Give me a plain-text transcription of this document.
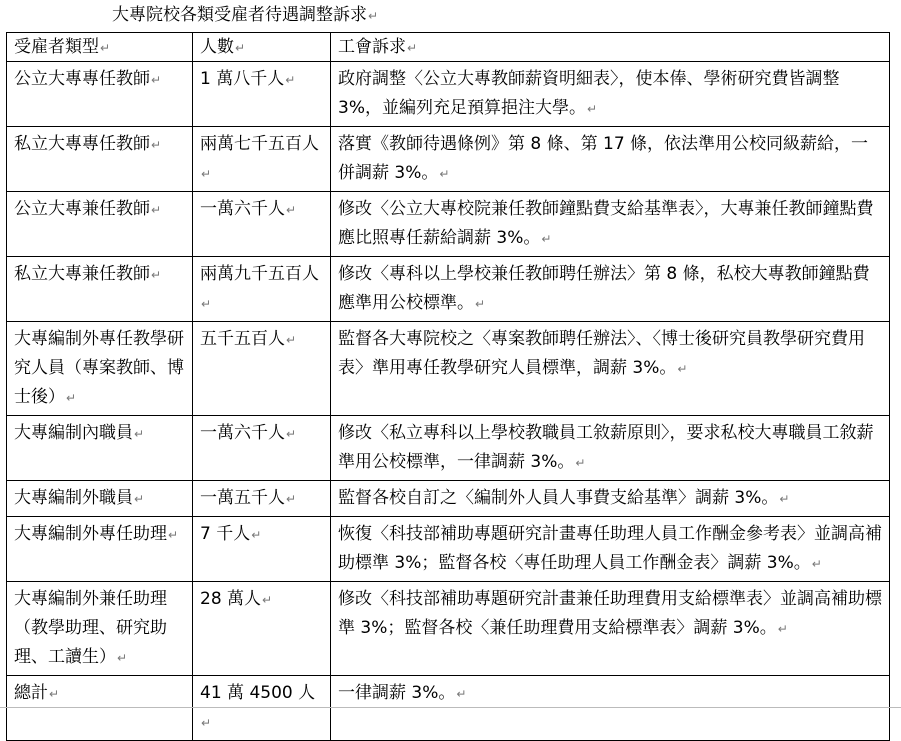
大專院校各類受雇者待遇調整訴求↵
受雇者類型↵	人數↵	工會訴求↵
公立大專專任教師↵	1 萬八千人↵	政府調整〈公立大專教師薪資明細表〉，使本俸、學術研究費皆調整 3%，並編列充足預算挹注大學。↵
私立大專專任教師↵	兩萬七千五百人↵	落實《教師待遇條例》第 8 條、第 17 條，依法準用公校同級薪給，一併調薪 3%。↵
公立大專兼任教師↵	一萬六千人↵	修改〈公立大專校院兼任教師鐘點費支給基準表〉，大專兼任教師鐘點費應比照專任薪給調薪 3%。↵
私立大專兼任教師↵	兩萬九千五百人↵	修改〈專科以上學校兼任教師聘任辦法〉第 8 條，私校大專教師鐘點費應準用公校標準。↵
大專編制外專任教學研究人員（專案教師、博士後）↵	五千五百人↵	監督各大專院校之〈專案教師聘任辦法〉、〈博士後研究員教學研究費用表〉準用專任教學研究人員標準，調薪 3%。↵
大專編制內職員↵	一萬六千人↵	修改〈私立專科以上學校教職員工敘薪原則〉，要求私校大專職員工敘薪準用公校標準，一律調薪 3%。↵
大專編制外職員↵	一萬五千人↵	監督各校自訂之〈編制外人員人事費支給基準〉調薪 3%。↵
大專編制外專任助理↵	7 千人↵	恢復〈科技部補助專題研究計畫專任助理人員工作酬金參考表〉並調高補助標準 3%；監督各校〈專任助理人員工作酬金表〉調薪 3%。↵
大專編制外兼任助理（教學助理、研究助理、工讀生）↵	28 萬人↵	修改〈科技部補助專題研究計畫兼任助理費用支給標準表〉並調高補助標準 3%；監督各校〈兼任助理費用支給標準表〉調薪 3%。↵
總計↵	41 萬 4500 人↵	一律調薪 3%。↵
